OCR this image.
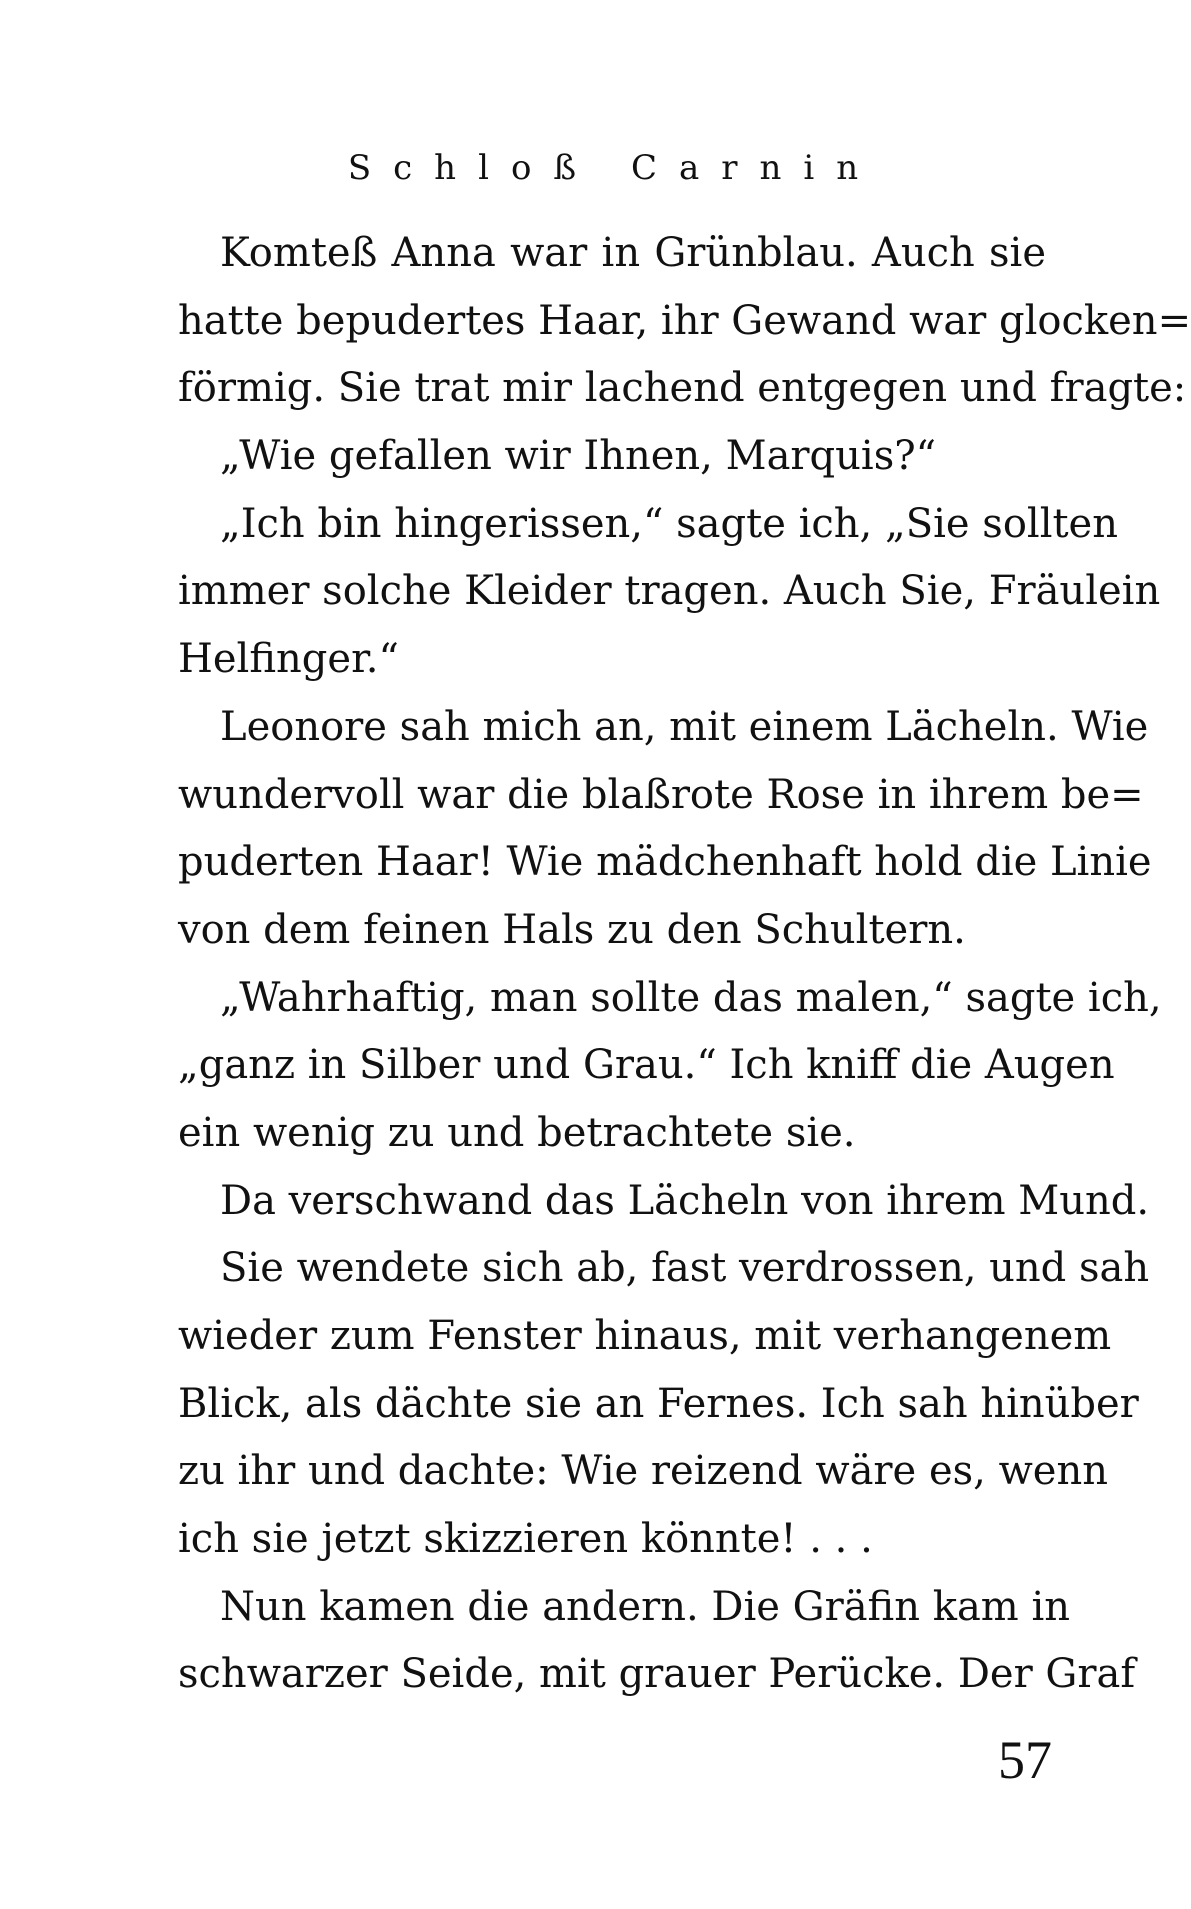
Schloß Carnin
Komteß Anna war in Grünblau. Auch sie
hatte bepudertes Haar, ihr Gewand war glocken=
förmig. Sie trat mir lachend entgegen und fragte:
„Wie gefallen wir Ihnen, Marquis?“
„Ich bin hingerissen,“ sagte ich, „Sie sollten
immer solche Kleider tragen. Auch Sie, Fräulein
Helfinger.“
Leonore sah mich an, mit einem Lächeln. Wie
wundervoll war die blaßrote Rose in ihrem be=
puderten Haar! Wie mädchenhaft hold die Linie
von dem feinen Hals zu den Schultern.
„Wahrhaftig, man sollte das malen,“ sagte ich,
„ganz in Silber und Grau.“ Ich kniff die Augen
ein wenig zu und betrachtete sie.
Da verschwand das Lächeln von ihrem Mund.
Sie wendete sich ab, fast verdrossen, und sah
wieder zum Fenster hinaus, mit verhangenem
Blick, als dächte sie an Fernes. Ich sah hinüber
zu ihr und dachte: Wie reizend wäre es, wenn
ich sie jetzt skizzieren könnte! . . .
Nun kamen die andern. Die Gräfin kam in
schwarzer Seide, mit grauer Perücke. Der Graf
57
